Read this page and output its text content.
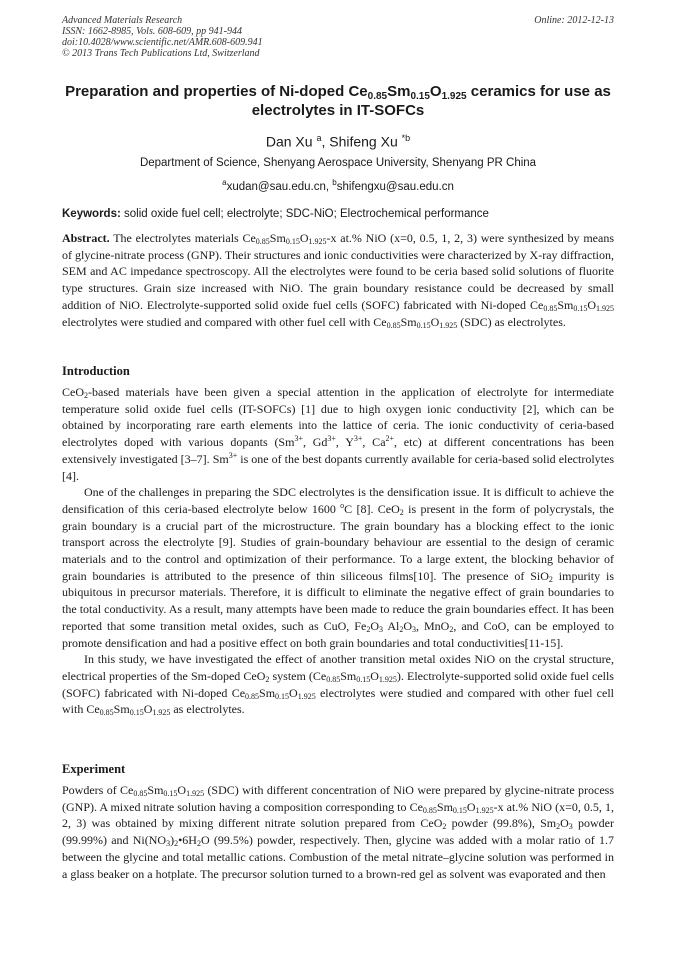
Advanced Materials Research
ISSN: 1662-8985, Vols. 608-609, pp 941-944
doi:10.4028/www.scientific.net/AMR.608-609.941
© 2013 Trans Tech Publications Ltd, Switzerland
Online: 2012-12-13
Preparation and properties of Ni-doped $Ce_{0.85}Sm_{0.15}O_{1.925}$ ceramics for use as electrolytes in IT-SOFCs
Dan Xu $^a$, Shifeng Xu $^{*b}$
Department of Science, Shenyang Aerospace University, Shenyang PR China
$^a$xudan@sau.edu.cn, $^b$shifengxu@sau.edu.cn
Keywords: solid oxide fuel cell; electrolyte; SDC-NiO; Electrochemical performance

Abstract. The electrolytes materials $Ce_{0.85}Sm_{0.15}O_{1.925}-x$ at.% NiO (x=0, 0.5, 1, 2, 3) were synthesized by means of glycine-nitrate process (GNP). Their structures and ionic conductivities were characterized by X-ray diffraction, SEM and AC impedance spectroscopy. All the electrolytes were found to be ceria based solid solutions of fluorite type structures. Grain size increased with NiO. The grain boundary resistance could be decreased by small addition of NiO. Electrolyte-supported solid oxide fuel cells (SOFC) fabricated with Ni-doped $Ce_{0.85}Sm_{0.15}O_{1.925}$ electrolytes were studied and compared with other fuel cell with $Ce_{0.85}Sm_{0.15}O_{1.925}$ (SDC) as electrolytes.

Introduction

CeO$_2$-based materials have been given a special attention in the application of electrolyte for intermediate temperature solid oxide fuel cells (IT-SOFCs) [1] due to high oxygen ionic conductivity [2], which can be obtained by incorporating rare earth elements into the lattice of ceria. The ionic conductivity of ceria-based electrolytes doped with various dopants ($Sm^{3+}$, $Gd^{3+}$, $Y^{3+}$, $Ca^{2+}$, etc) at different concentrations has been extensively investigated [3–7]. $Sm^{3+}$ is one of the best dopants currently available for ceria-based solid electrolytes [4].

One of the challenges in preparing the SDC electrolytes is the densification issue. It is difficult to achieve the densification of this ceria-based electrolyte below 1600 $^o$C [8]. CeO$_2$ is present in the form of polycrystals, the grain boundary is a crucial part of the microstructure. The grain boundary has a blocking effect to the ionic transport across the electrolyte [9]. Studies of grain-boundary behaviour are essential to the design of ceramic materials and to the control and optimization of their performance. To a large extent, the blocking behavior of grain boundaries is attributed to the presence of thin siliceous films[10]. The presence of SiO$_2$ impurity is ubiquitous in precursor materials. Therefore, it is difficult to eliminate the negative effect of grain boundaries to the total conductivity. As a result, many attempts have been made to reduce the grain boundaries effect. It has been reported that some transition metal oxides, such as CuO, $Fe_2O_3$ $Al_2O_3$, MnO$_2$, and CoO, can be employed to promote densification and had a positive effect on both grain boundaries and total conductivities[11-15].

In this study, we have investigated the effect of another transition metal oxides NiO on the crystal structure, electrical properties of the Sm-doped CeO$_2$ system $(Ce_{0.85}Sm_{0.15}O_{1.925})$. Electrolyte-supported solid oxide fuel cells (SOFC) fabricated with Ni-doped $Ce_{0.85}Sm_{0.15}O_{1.925}$ electrolytes were studied and compared with other fuel cell with $Ce_{0.85}Sm_{0.15}O_{1.925}$ as electrolytes.

Experiment

Powders of $Ce_{0.85}Sm_{0.15}O_{1.925}$ (SDC) with different concentration of NiO were prepared by glycine-nitrate process (GNP). A mixed nitrate solution having a composition corresponding to $Ce_{0.85}Sm_{0.15}O_{1.925}-x$ at.% NiO (x=0, 0.5, 1, 2, 3) was obtained by mixing different nitrate solution prepared from CeO$_2$ powder (99.8%), $Sm_2O_3$ powder (99.99%) and $Ni(NO_3)_2•6H_2O$ (99.5%) powder, respectively. Then, glycine was added with a molar ratio of 1.7 between the glycine and total metallic cations. Combustion of the metal nitrate–glycine solution was performed in a glass beaker on a hotplate. The precursor solution turned to a brown-red gel as solvent was evaporated and then
